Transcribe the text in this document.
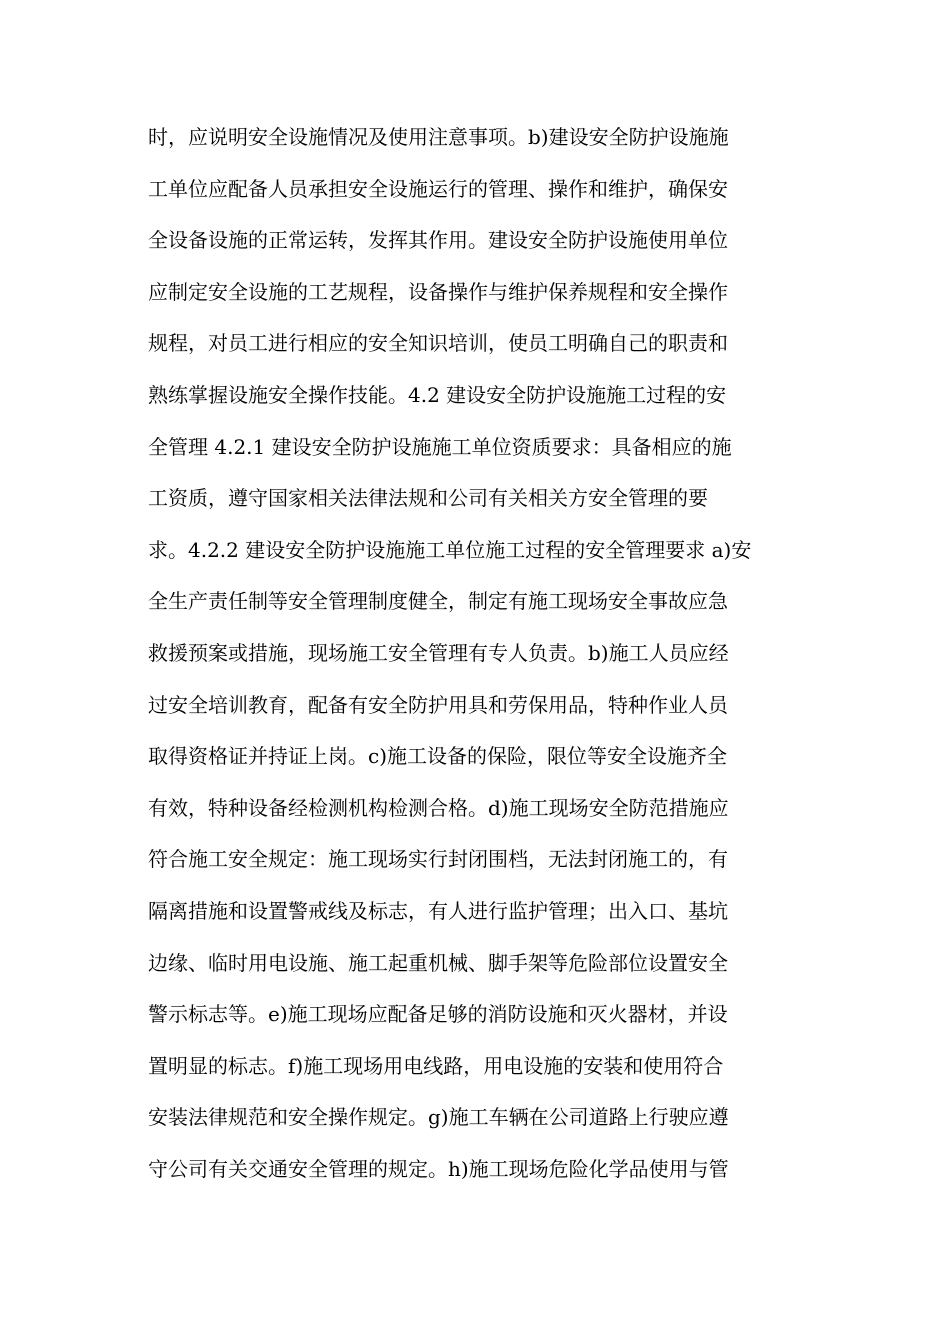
时，应说明安全设施情况及使用注意事项。b)建设安全防护设施施
工单位应配备人员承担安全设施运行的管理、操作和维护，确保安
全设备设施的正常运转，发挥其作用。建设安全防护设施使用单位
应制定安全设施的工艺规程，设备操作与维护保养规程和安全操作
规程，对员工进行相应的安全知识培训，使员工明确自己的职责和
熟练掌握设施安全操作技能。4.2 建设安全防护设施施工过程的安
全管理 4.2.1 建设安全防护设施施工单位资质要求：具备相应的施
工资质，遵守国家相关法律法规和公司有关相关方安全管理的要
求。4.2.2 建设安全防护设施施工单位施工过程的安全管理要求 a)安
全生产责任制等安全管理制度健全，制定有施工现场安全事故应急
救援预案或措施，现场施工安全管理有专人负责。b)施工人员应经
过安全培训教育，配备有安全防护用具和劳保用品，特种作业人员
取得资格证并持证上岗。c)施工设备的保险，限位等安全设施齐全
有效，特种设备经检测机构检测合格。d)施工现场安全防范措施应
符合施工安全规定：施工现场实行封闭围档，无法封闭施工的，有
隔离措施和设置警戒线及标志，有人进行监护管理；出入口、基坑
边缘、临时用电设施、施工起重机械、脚手架等危险部位设置安全
警示标志等。e)施工现场应配备足够的消防设施和灭火器材，并设
置明显的标志。f)施工现场用电线路，用电设施的安装和使用符合
安装法律规范和安全操作规定。g)施工车辆在公司道路上行驶应遵
守公司有关交通安全管理的规定。h)施工现场危险化学品使用与管
